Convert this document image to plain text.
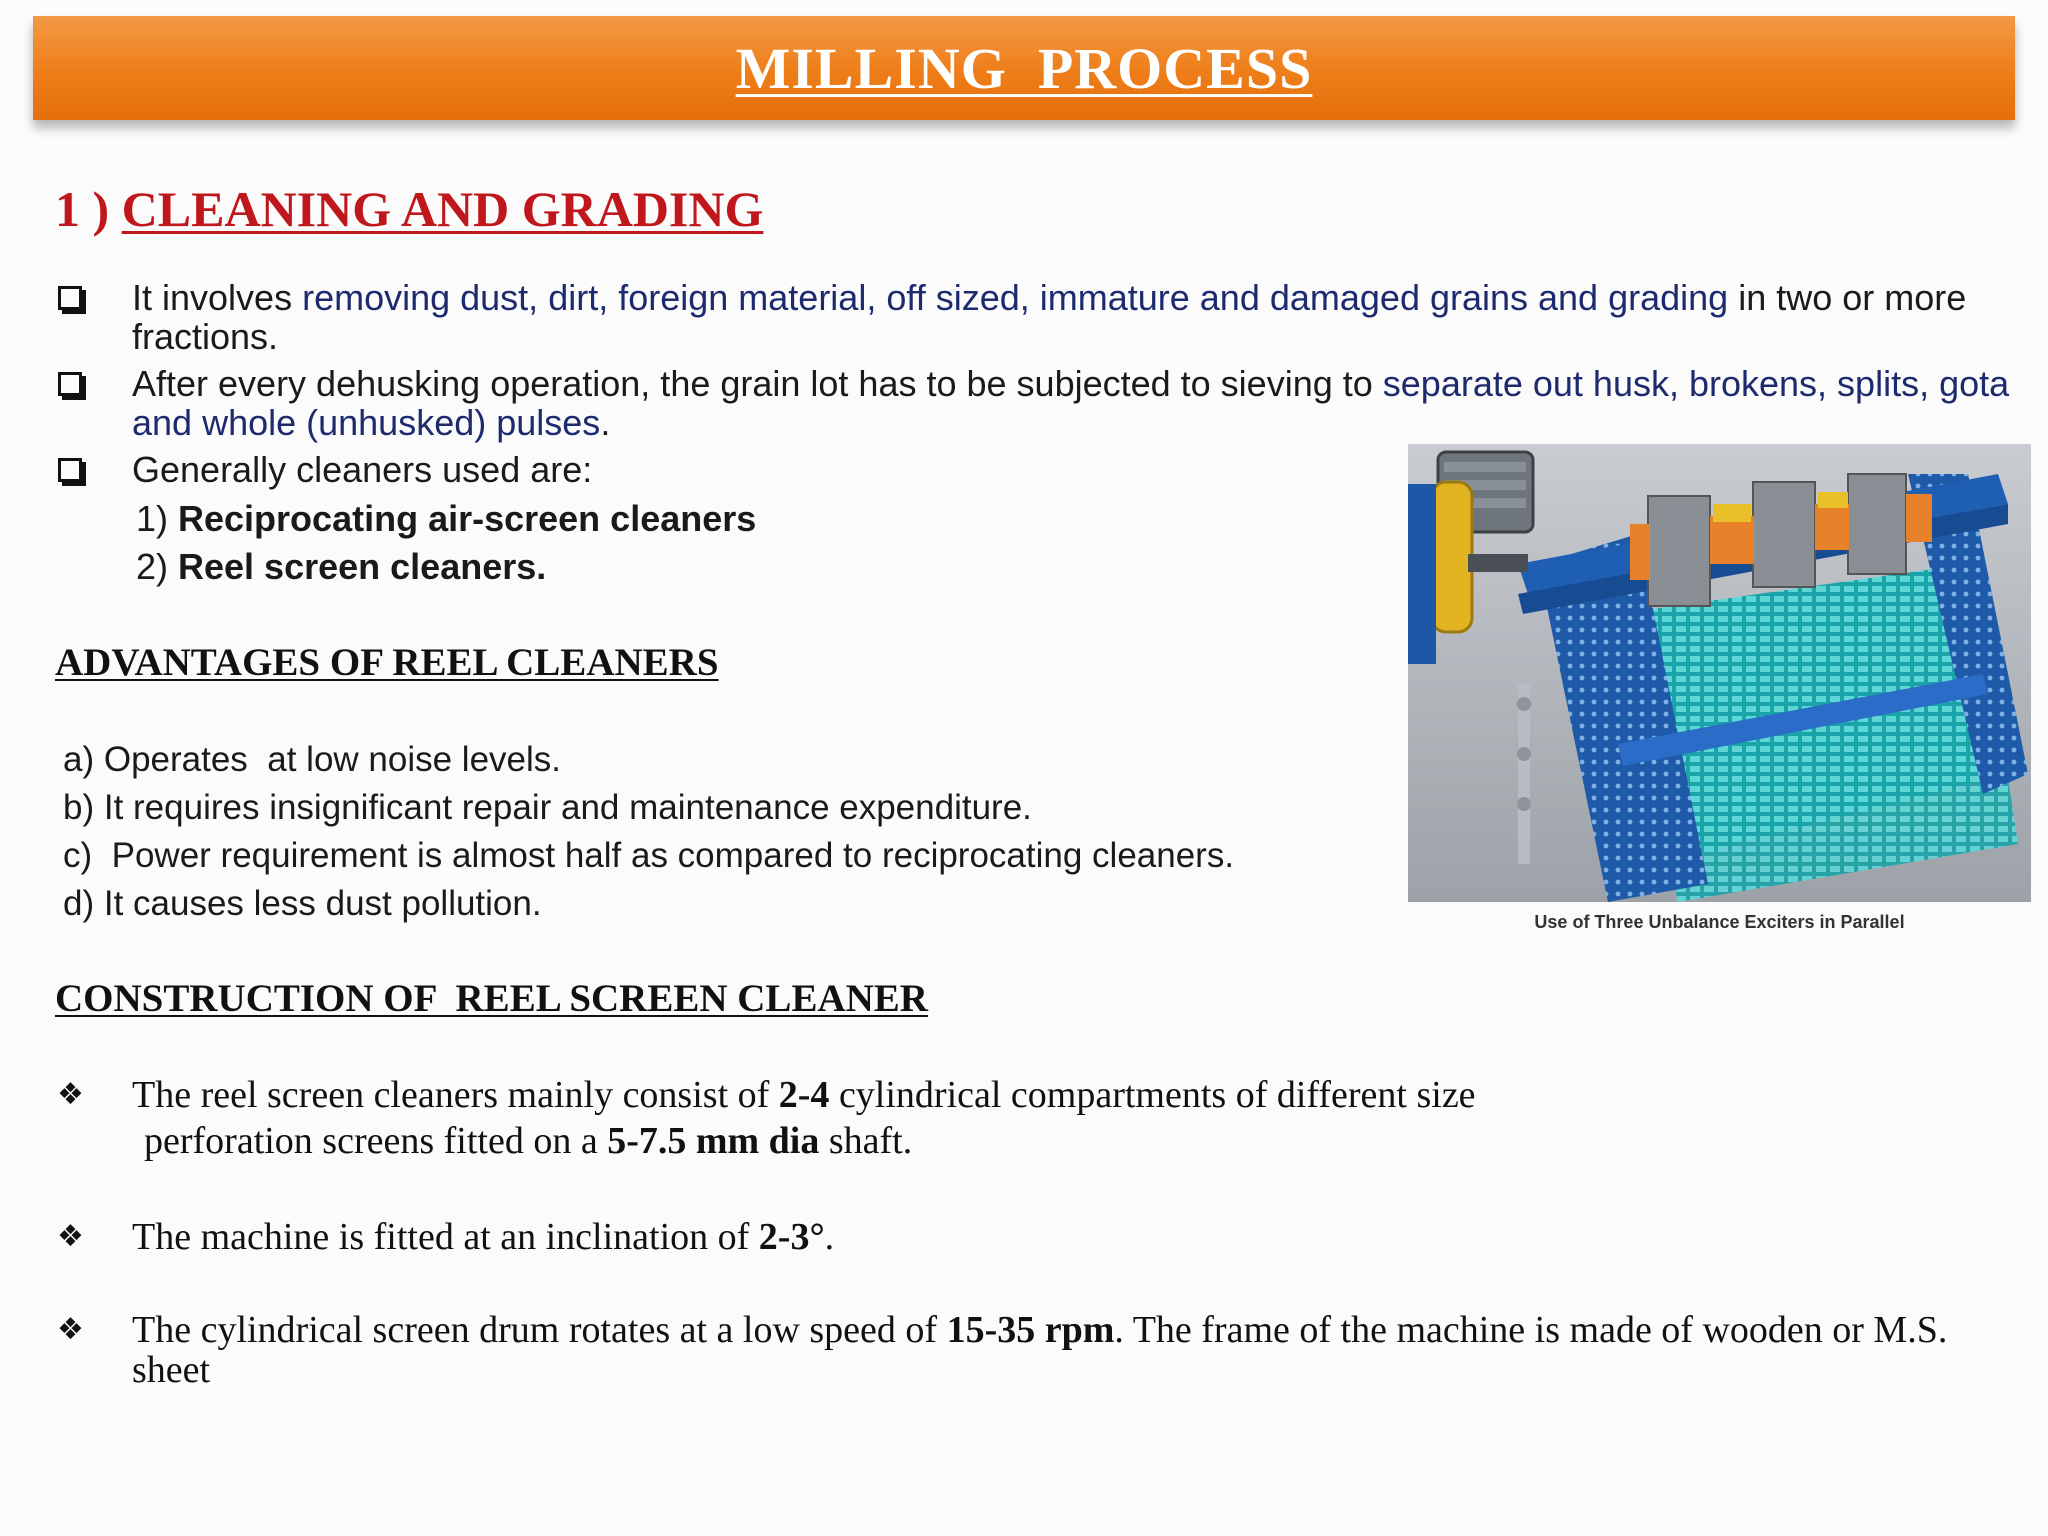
MILLING  PROCESS
1 ) CLEANING AND GRADING
It involves removing dust, dirt, foreign material, off sized, immature and damaged grains and grading in two or more fractions.
After every dehusking operation, the grain lot has to be subjected to sieving to separate out husk, brokens, splits, gota and whole (unhusked) pulses.
Generally cleaners used are:
1) Reciprocating air-screen cleaners
2) Reel screen cleaners.
ADVANTAGES OF REEL CLEANERS
a) Operates  at low noise levels.
b) It requires insignificant repair and maintenance expenditure.
c)  Power requirement is almost half as compared to reciprocating cleaners.
d) It causes less dust pollution.	Use of Three Unbalance Exciters in Parallel
CONSTRUCTION OF  REEL SCREEN CLEANER
❖ The reel screen cleaners mainly consist of 2-4 cylindrical compartments of different size
perforation screens fitted on a 5-7.5 mm dia shaft.
❖ The machine is fitted at an inclination of 2-3°.
❖ The cylindrical screen drum rotates at a low speed of 15-35 rpm. The frame of the machine is made of wooden or M.S. sheet
